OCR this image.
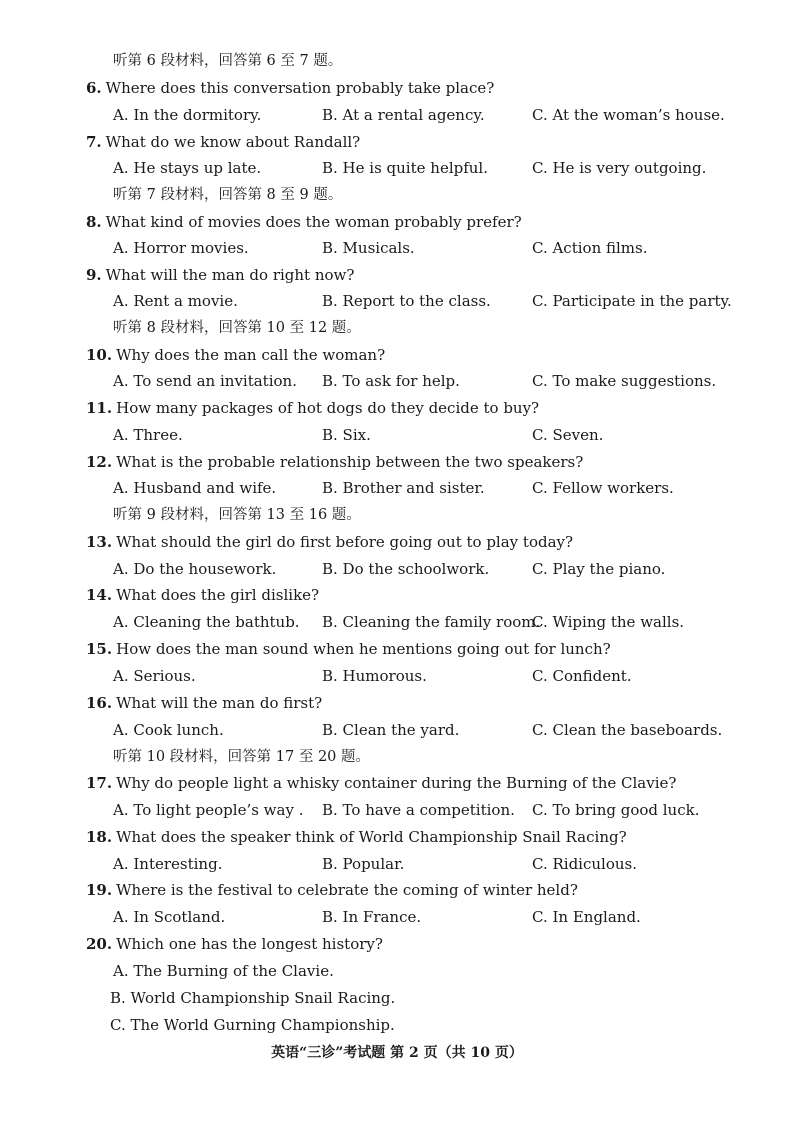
听第 6 段材料，回答第 6 至 7 题。
6. Where does this conversation probably take place?
A. In the dormitory.	B. At a rental agency.	C. At the woman’s house.
7. What do we know about Randall?
A. He stays up late.	B. He is quite helpful.	C. He is very outgoing.
听第 7 段材料，回答第 8 至 9 题。
8. What kind of movies does the woman probably prefer?
A. Horror movies.	B. Musicals.	C. Action films.
9. What will the man do right now?
A. Rent a movie.	B. Report to the class.	C. Participate in the party.
听第 8 段材料，回答第 10 至 12 题。
10. Why does the man call the woman?
A. To send an invitation. B. To ask for help.	C. To make suggestions.
11. How many packages of hot dogs do they decide to buy?
A. Three.	B. Six.	C. Seven.
12. What is the probable relationship between the two speakers?
A. Husband and wife.	B. Brother and sister.	C. Fellow workers.
听第 9 段材料，回答第 13 至 16 题。
13. What should the girl do first before going out to play today?
A. Do the housework.	B. Do the schoolwork.	C. Play the piano.
14. What does the girl dislike?
A. Cleaning the bathtub. B. Cleaning the family room.
C. Wiping the walls.
15. How does the man sound when he mentions going out for lunch?
A. Serious.	B. Humorous.	C. Confident.
16. What will the man do first?
A. Cook lunch.	B. Clean the yard.	C. Clean the baseboards.
听第 10 段材料，回答第 17 至 20 题。
17. Why do people light a whisky container during the Burning of the Clavie?
A. To light people’s way . B. To have a competition. C. To bring good luck.
18. What does the speaker think of World Championship Snail Racing?
A. Interesting.	B. Popular.	C. Ridiculous.
19. Where is the festival to celebrate the coming of winter held?
A. In Scotland.	B. In France.	C. In England.
20. Which one has the longest history?
A. The Burning of the Clavie.
B. World Championship Snail Racing.
C. The World Gurning Championship.
英语“三诊”考试题 第 2 页（共 10 页）
